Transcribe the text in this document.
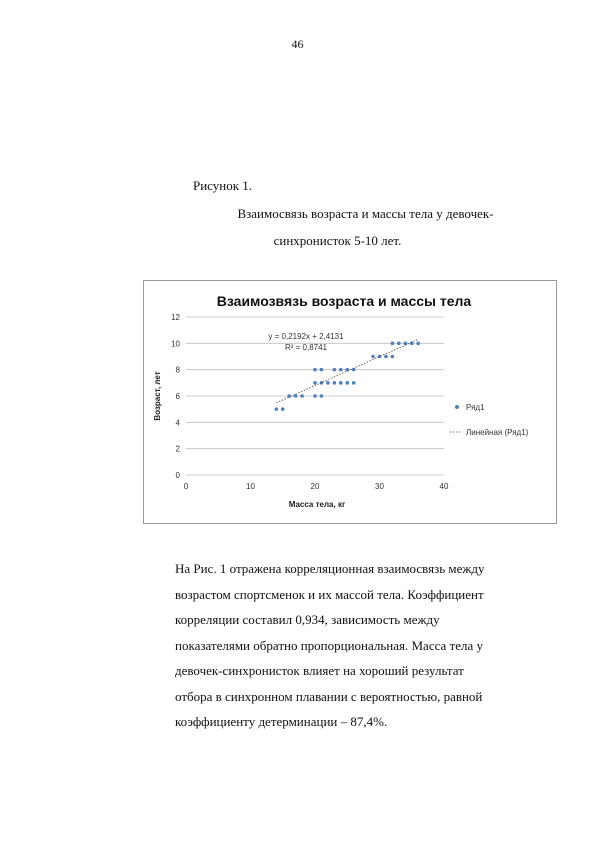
46
Рисунок 1.
Взаимосвязь возраста и массы тела у девочек-
синхронисток 5-10 лет.
Взаимозвязь возраста и массы тела
0
2
4
6
8
10
12
0	10	20	30	40
y = 0,2192x + 2,4131
R² = 0,8741
Масса тела, кг
Возраст, лет	Ряд1
Линейная (Ряд1)
На Рис. 1 отражена корреляционная взаимосвязь между
возрастом спортсменок и их массой тела. Коэффициент
корреляции составил 0,934, зависимость между
показателями обратно пропорциональная. Масса тела у
девочек-синхронисток влияет на хороший результат
отбора в синхронном плавании с вероятностью, равной
коэффициенту детерминации – 87,4%.
